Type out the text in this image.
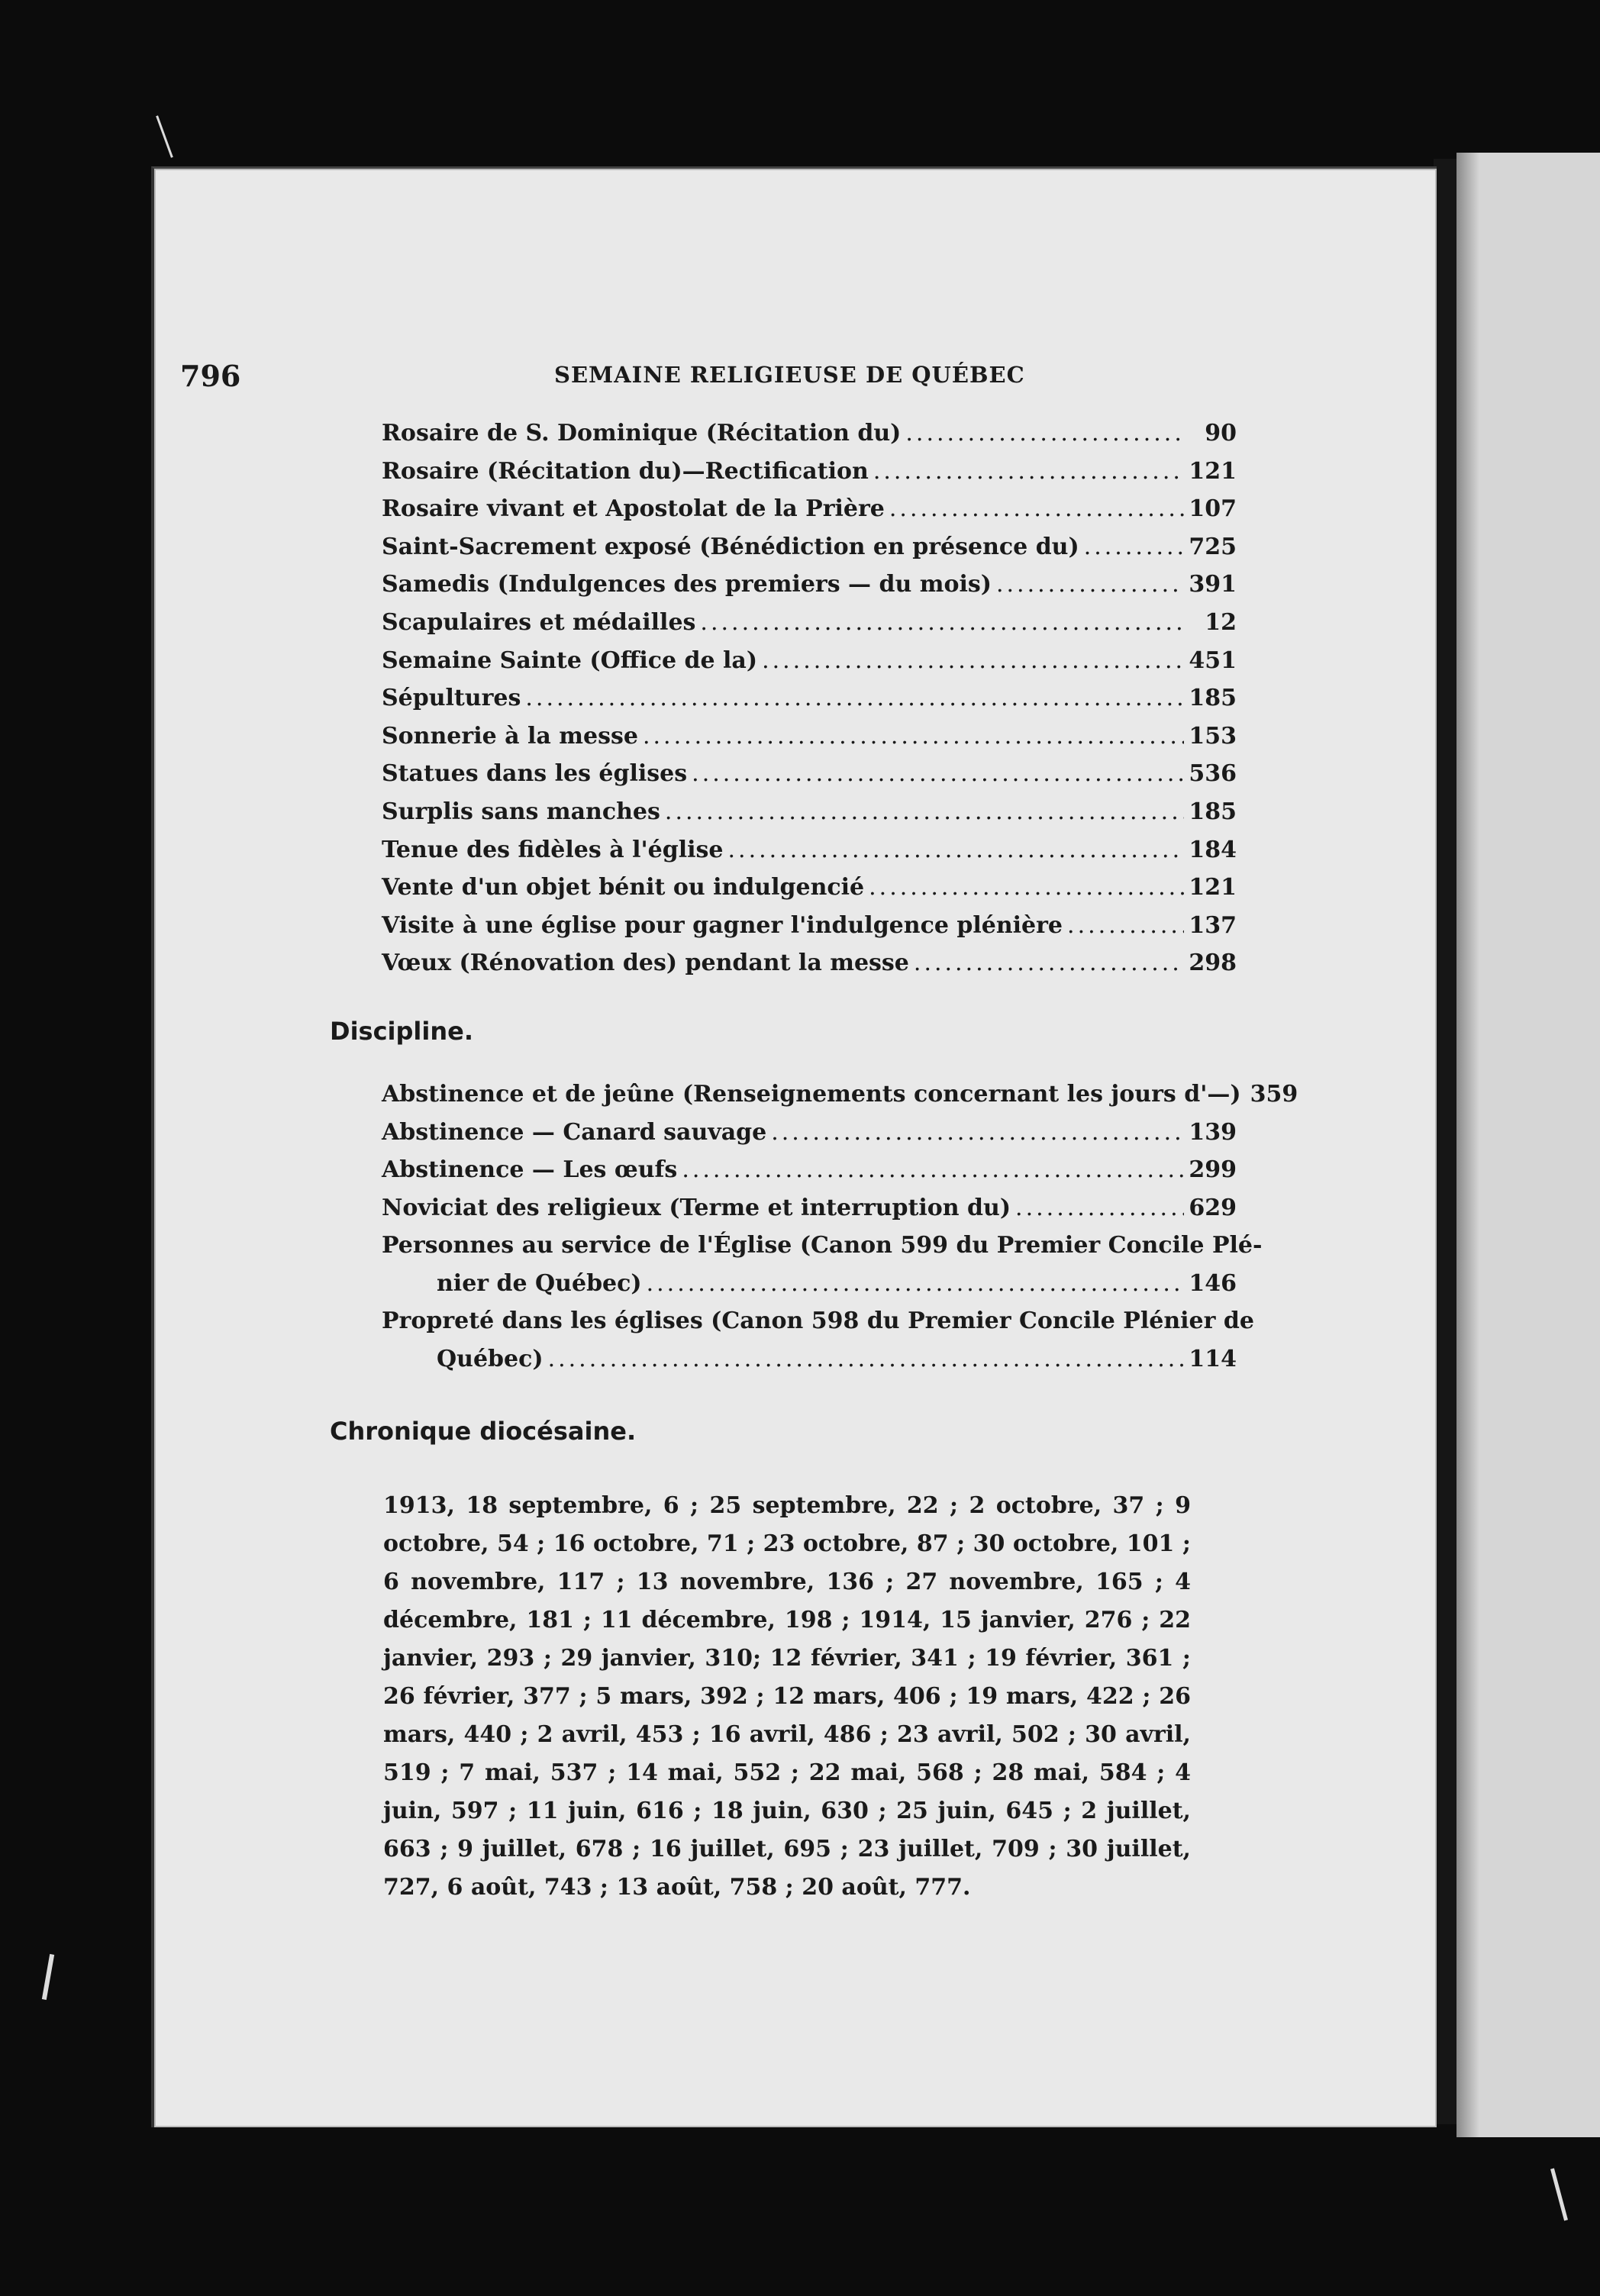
796	SEMAINE RELIGIEUSE DE QUÉBEC
Rosaire de S. Dominique (Récitation du) .....	90
Rosaire (Récitation du)—Rectification .....	121
Rosaire vivant et Apostolat de la Prière .....	107
Saint-Sacrement exposé (Bénédiction en présence du) .....	725
Samedis (Indulgences des premiers — du mois) .....	391
Scapulaires et médailles .....	12
Semaine Sainte (Office de la) .....	451
Sépultures .....	185
Sonnerie à la messe .....	153
Statues dans les églises .....	536
Surplis sans manches .....	185
Tenue des fidèles à l'église .....	184
Vente d'un objet bénit ou indulgencié .....	121
Visite à une église pour gagner l'indulgence plénière .....	137
Vœux (Rénovation des) pendant la messe .....	298
Discipline.
Abstinence et de jeûne (Renseignements concernant les jours d'—) 359
Abstinence — Canard sauvage .....	139
Abstinence — Les œufs .....	299
Noviciat des religieux (Terme et interruption du) .....	629
Personnes au service de l'Église (Canon 599 du Premier Concile Plé-
nier de Québec) .....	146
Propreté dans les églises (Canon 598 du Premier Concile Plénier de
Québec) .....	114
Chronique diocésaine.
1913, 18 septembre, 6 ; 25 septembre, 22 ; 2 octobre, 37 ; 9 octobre, 54 ; 16 octobre, 71 ; 23 octobre, 87 ; 30 octobre, 101 ; 6 novembre, 117 ; 13 novembre, 136 ; 27 novembre, 165 ; 4 décembre, 181 ; 11 décembre, 198 ; 1914, 15 janvier, 276 ; 22 janvier, 293 ; 29 janvier, 310; 12 février, 341 ; 19 février, 361 ; 26 février, 377 ; 5 mars, 392 ; 12 mars, 406 ; 19 mars, 422 ; 26 mars, 440 ; 2 avril, 453 ; 16 avril, 486 ; 23 avril, 502 ; 30 avril, 519 ; 7 mai, 537 ; 14 mai, 552 ; 22 mai, 568 ; 28 mai, 584 ; 4 juin, 597 ; 11 juin, 616 ; 18 juin, 630 ; 25 juin, 645 ; 2 juillet, 663 ; 9 juillet, 678 ; 16 juillet, 695 ; 23 juillet, 709 ; 30 juillet, 727, 6 août, 743 ; 13 août, 758 ; 20 août, 777.
